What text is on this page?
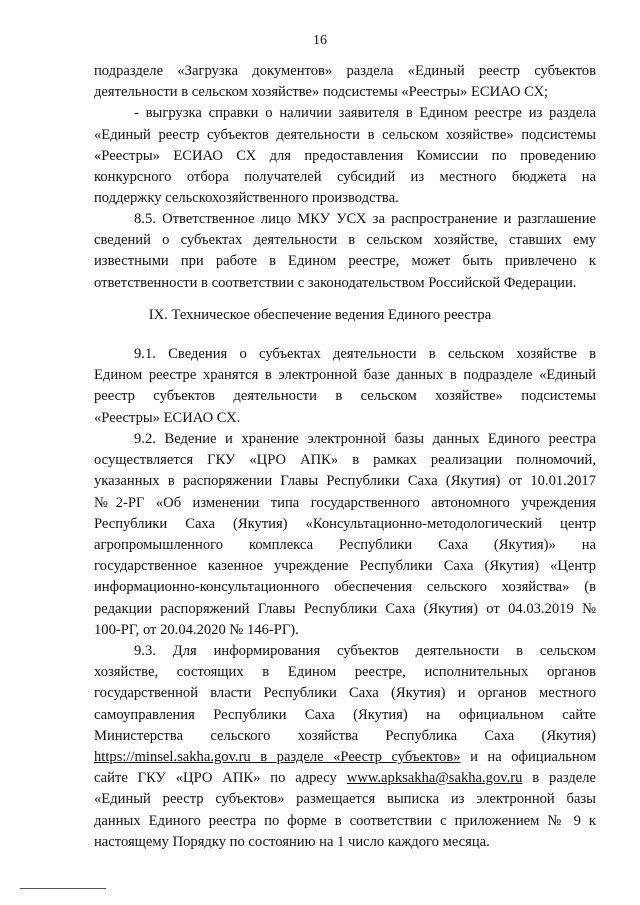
16
подразделе «Загрузка документов» раздела «Единый реестр субъектов
деятельности в сельском хозяйстве» подсистемы «Реестры» ЕСИАО СХ;
- выгрузка справки о наличии заявителя в Едином реестре из раздела
«Единый реестр субъектов деятельности в сельском хозяйстве» подсистемы
«Реестры» ЕСИАО СХ для предоставления Комиссии по проведению
конкурсного отбора получателей субсидий из местного бюджета на
поддержку сельскохозяйственного производства.
8.5. Ответственное лицо МКУ УСХ за распространение и разглашение
сведений о субъектах деятельности в сельском хозяйстве, ставших ему
известными при работе в Едином реестре, может быть привлечено к
ответственности в соответствии с законодательством Российской Федерации.
IX. Техническое обеспечение ведения Единого реестра
9.1. Сведения о субъектах деятельности в сельском хозяйстве в
Едином реестре хранятся в электронной базе данных в подразделе «Единый
реестр субъектов деятельности в сельском хозяйстве» подсистемы
«Реестры» ЕСИАО СХ.
9.2. Ведение и хранение электронной базы данных Единого реестра
осуществляется ГКУ «ЦРО АПК» в рамках реализации полномочий,
указанных в распоряжении Главы Республики Саха (Якутия) от 10.01.2017
№2-РГ «Об изменении типа государственного автономного учреждения
Республики Саха (Якутия) «Консультационно-методологический центр
агропромышленного комплекса Республики Саха (Якутия)» на
государственное казенное учреждение Республики Саха (Якутия) «Центр
информационно-консультационного обеспечения сельского хозяйства» (в
редакции распоряжений Главы Республики Саха (Якутия) от 04.03.2019 №
100-РГ, от 20.04.2020 № 146-РГ).
9.3. Для информирования субъектов деятельности в сельском
хозяйстве, состоящих в Едином реестре, исполнительных органов
государственной власти Республики Саха (Якутия) и органов местного
самоуправления Республики Саха (Якутия) на официальном сайте
Министерства сельского хозяйства Республика Саха (Якутия)
https://minsel.sakha.gov.ru в разделе «Реестр субъектов» и на официальном
сайте ГКУ «ЦРО АПК» по адресу www.apksakha@sakha.gov.ru в разделе
«Единый реестр субъектов» размещается выписка из электронной базы
данных Единого реестра по форме в соответствии с приложением № 9 к
настоящему Порядку по состоянию на 1 число каждого месяца.
